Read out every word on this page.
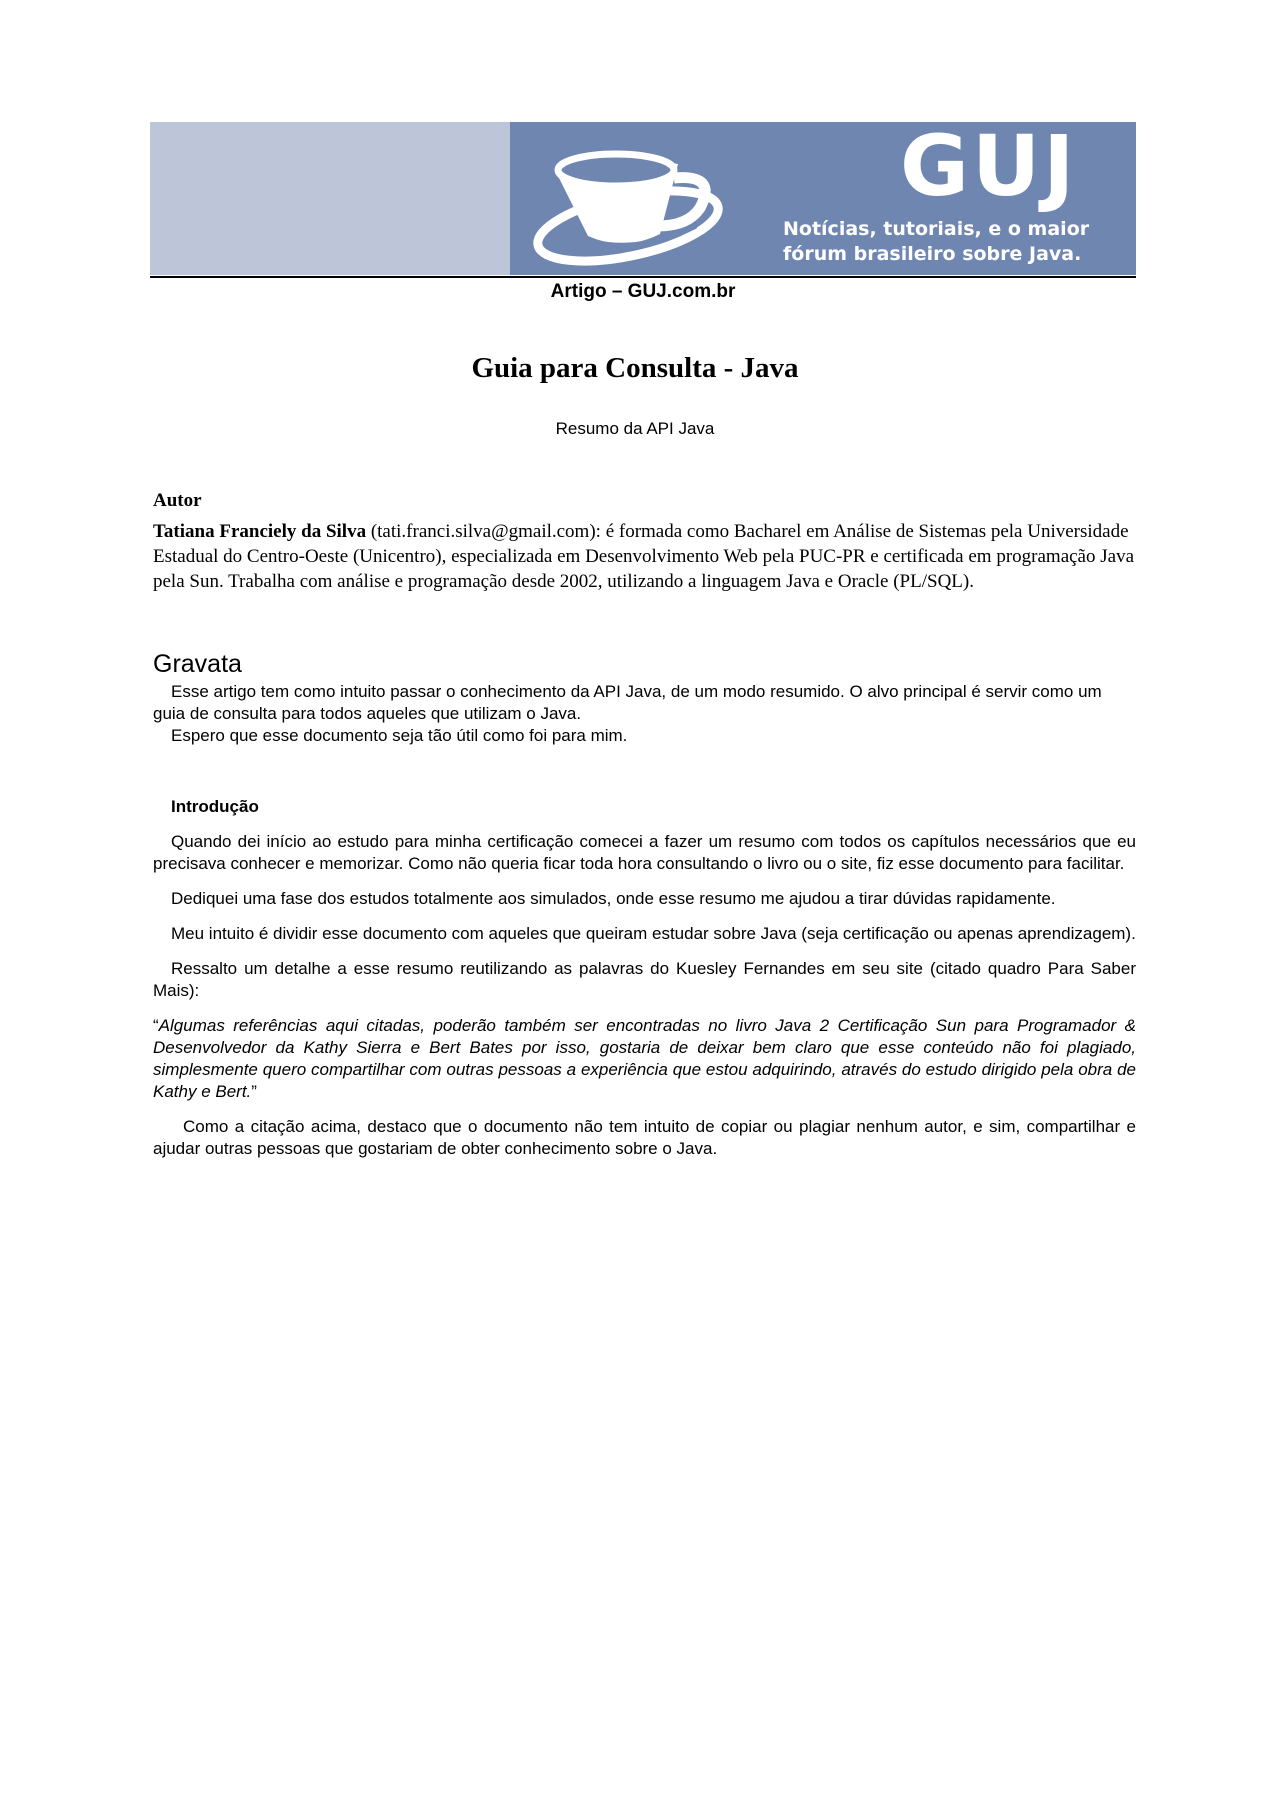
GUJ
Notícias, tutoriais, e o maior
fórum brasileiro sobre Java.
Artigo – GUJ.com.br
Guia para Consulta - Java
Resumo da API Java
Autor
Tatiana Franciely da Silva (tati.franci.silva@gmail.com): é formada como Bacharel em Análise de Sistemas pela Universidade Estadual do Centro-Oeste (Unicentro), especializada em Desenvolvimento Web pela PUC-PR e certificada em programação Java pela Sun. Trabalha com análise e programação desde 2002, utilizando a linguagem Java e Oracle (PL/SQL).
Gravata

Esse artigo tem como intuito passar o conhecimento da API Java, de um modo resumido. O alvo principal é servir como um guia de consulta para todos aqueles que utilizam o Java.

Espero que esse documento seja tão útil como foi para mim.

Introdução

Quando dei início ao estudo para minha certificação comecei a fazer um resumo com todos os capítulos necessários que eu precisava conhecer e memorizar. Como não queria ficar toda hora consultando o livro ou o site, fiz esse documento para facilitar.

Dediquei uma fase dos estudos totalmente aos simulados, onde esse resumo me ajudou a tirar dúvidas rapidamente.

Meu intuito é dividir esse documento com aqueles que queiram estudar sobre Java (seja certificação ou apenas aprendizagem).

Ressalto um detalhe a esse resumo reutilizando as palavras do Kuesley Fernandes em seu site (citado quadro Para Saber Mais):

“Algumas referências aqui citadas, poderão também ser encontradas no livro Java 2 Certificação Sun para Programador & Desenvolvedor da Kathy Sierra e Bert Bates por isso, gostaria de deixar bem claro que esse conteúdo não foi plagiado, simplesmente quero compartilhar com outras pessoas a experiência que estou adquirindo, através do estudo dirigido pela obra de Kathy e Bert.”

Como a citação acima, destaco que o documento não tem intuito de copiar ou plagiar nenhum autor, e sim, compartilhar e ajudar outras pessoas que gostariam de obter conhecimento sobre o Java.
